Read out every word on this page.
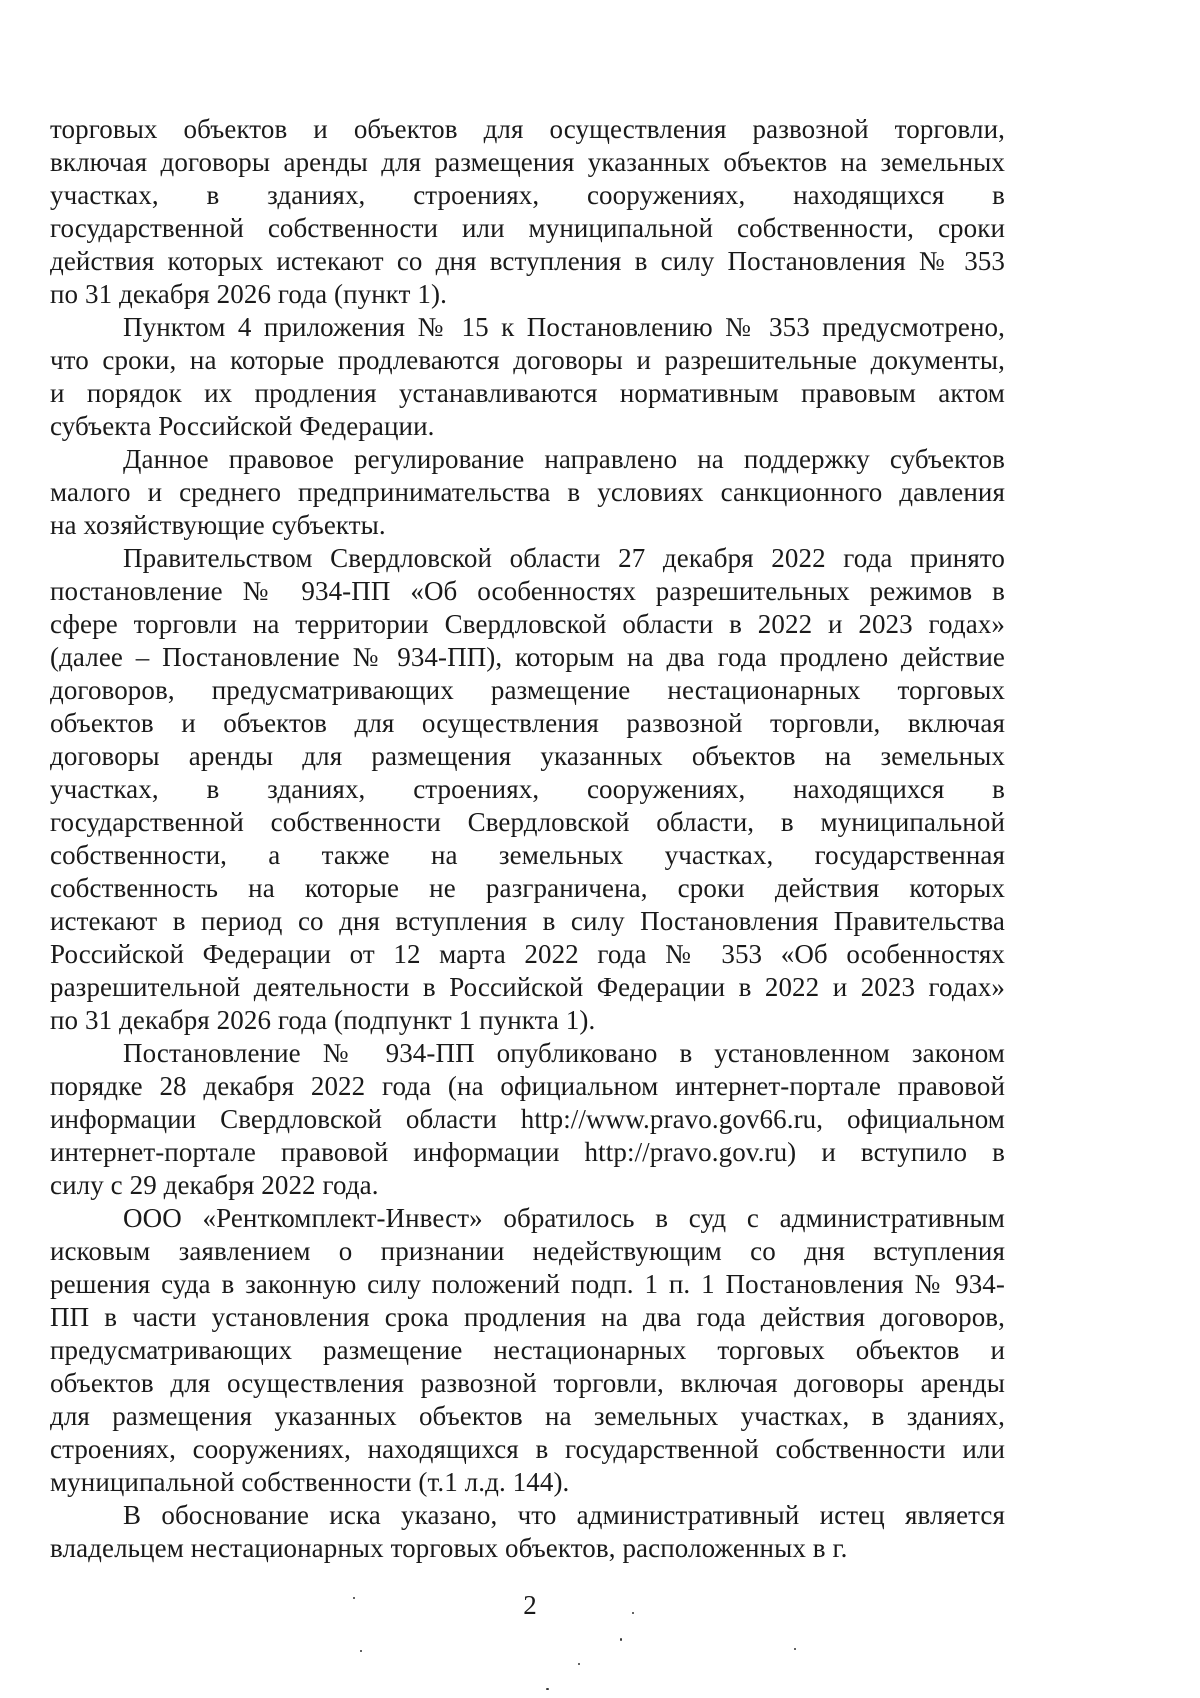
торговых объектов и объектов для осуществления развозной торговли,
включая договоры аренды для размещения указанных объектов на земельных
участках, в зданиях, строениях, сооружениях, находящихся в
государственной собственности или муниципальной собственности, сроки
действия которых истекают со дня вступления в силу Постановления № 353
по 31 декабря 2026 года (пункт 1).
Пунктом 4 приложения № 15 к Постановлению № 353 предусмотрено,
что сроки, на которые продлеваются договоры и разрешительные документы,
и порядок их продления устанавливаются нормативным правовым актом
субъекта Российской Федерации.
Данное правовое регулирование направлено на поддержку субъектов
малого и среднего предпринимательства в условиях санкционного давления
на хозяйствующие субъекты.
Правительством Свердловской области 27 декабря 2022 года принято
постановление № 934-ПП «Об особенностях разрешительных режимов в
сфере торговли на территории Свердловской области в 2022 и 2023 годах»
(далее – Постановление № 934-ПП), которым на два года продлено действие
договоров, предусматривающих размещение нестационарных торговых
объектов и объектов для осуществления развозной торговли, включая
договоры аренды для размещения указанных объектов на земельных
участках, в зданиях, строениях, сооружениях, находящихся в
государственной собственности Свердловской области, в муниципальной
собственности, а также на земельных участках, государственная
собственность на которые не разграничена, сроки действия которых
истекают в период со дня вступления в силу Постановления Правительства
Российской Федерации от 12 марта 2022 года № 353 «Об особенностях
разрешительной деятельности в Российской Федерации в 2022 и 2023 годах»
по 31 декабря 2026 года (подпункт 1 пункта 1).
Постановление № 934-ПП опубликовано в установленном законом
порядке 28 декабря 2022 года (на официальном интернет-портале правовой
информации Свердловской области http://www.pravo.gov66.ru, официальном
интернет-портале правовой информации http://pravo.gov.ru) и вступило в
силу с 29 декабря 2022 года.
ООО «Ренткомплект-Инвест» обратилось в суд с административным
исковым заявлением о признании недействующим со дня вступления
решения суда в законную силу положений подп. 1 п. 1 Постановления № 934-
ПП в части установления срока продления на два года действия договоров,
предусматривающих размещение нестационарных торговых объектов и
объектов для осуществления развозной торговли, включая договоры аренды
для размещения указанных объектов на земельных участках, в зданиях,
строениях, сооружениях, находящихся в государственной собственности или
муниципальной собственности (т.1 л.д. 144).
В обоснование иска указано, что административный истец является
владельцем нестационарных торговых объектов, расположенных в г.
2
